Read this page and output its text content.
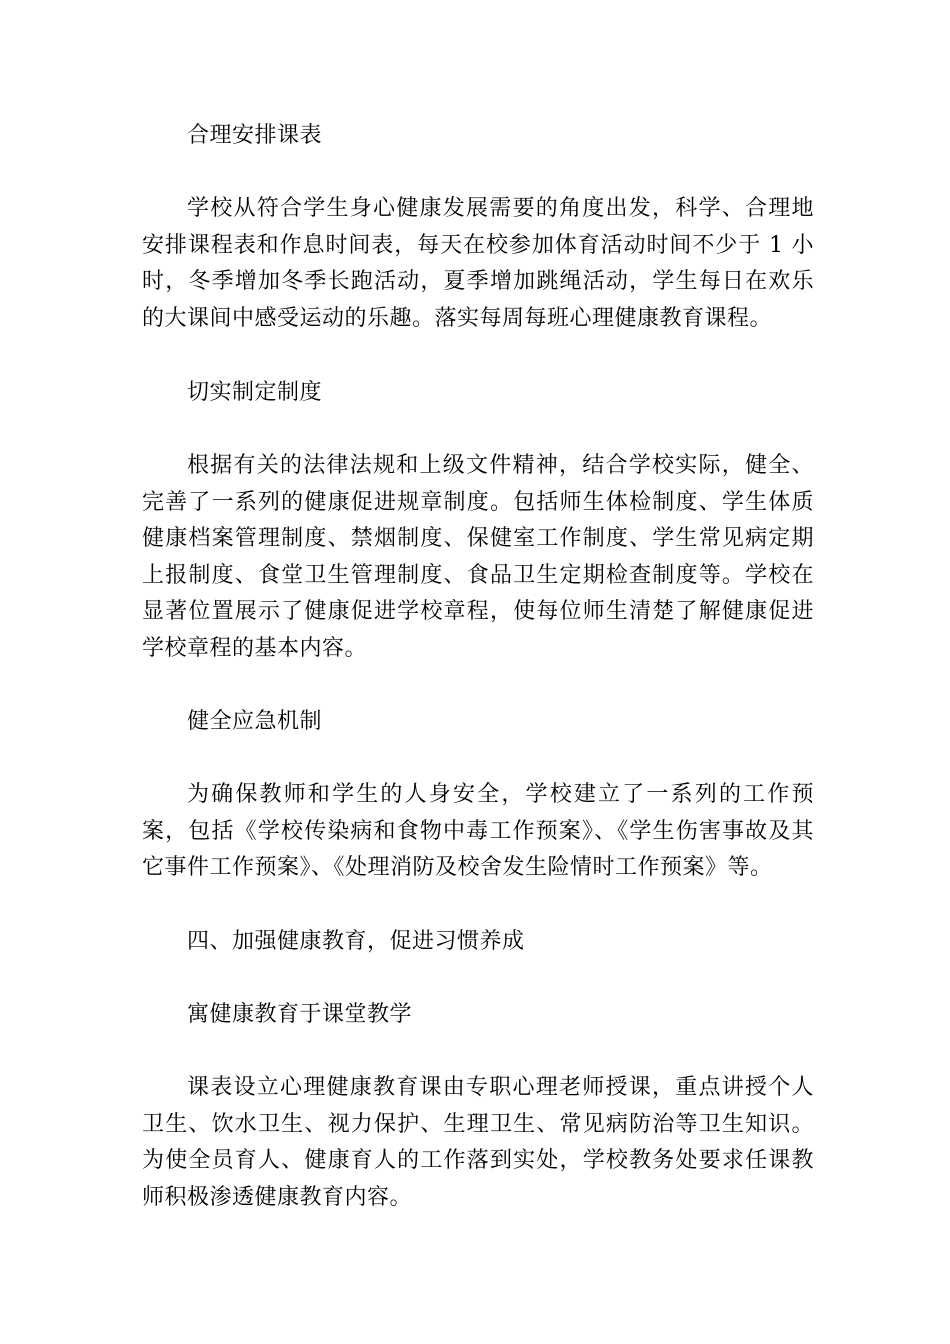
合理安排课表

学校从符合学生身心健康发展需要的角度出发，科学、合理地安排课程表和作息时间表，每天在校参加体育活动时间不少于 1 小时，冬季增加冬季长跑活动，夏季增加跳绳活动，学生每日在欢乐的大课间中感受运动的乐趣。落实每周每班心理健康教育课程。

切实制定制度

根据有关的法律法规和上级文件精神，结合学校实际，健全、完善了一系列的健康促进规章制度。包括师生体检制度、学生体质健康档案管理制度、禁烟制度、保健室工作制度、学生常见病定期上报制度、食堂卫生管理制度、食品卫生定期检查制度等。学校在显著位置展示了健康促进学校章程，使每位师生清楚了解健康促进学校章程的基本内容。

健全应急机制

为确保教师和学生的人身安全，学校建立了一系列的工作预案，包括《学校传染病和食物中毒工作预案》、《学生伤害事故及其它事件工作预案》、《处理消防及校舍发生险情时工作预案》等。

四、加强健康教育，促进习惯养成

寓健康教育于课堂教学

课表设立心理健康教育课由专职心理老师授课，重点讲授个人卫生、饮水卫生、视力保护、生理卫生、常见病防治等卫生知识。为使全员育人、健康育人的工作落到实处，学校教务处要求任课教师积极渗透健康教育内容。
